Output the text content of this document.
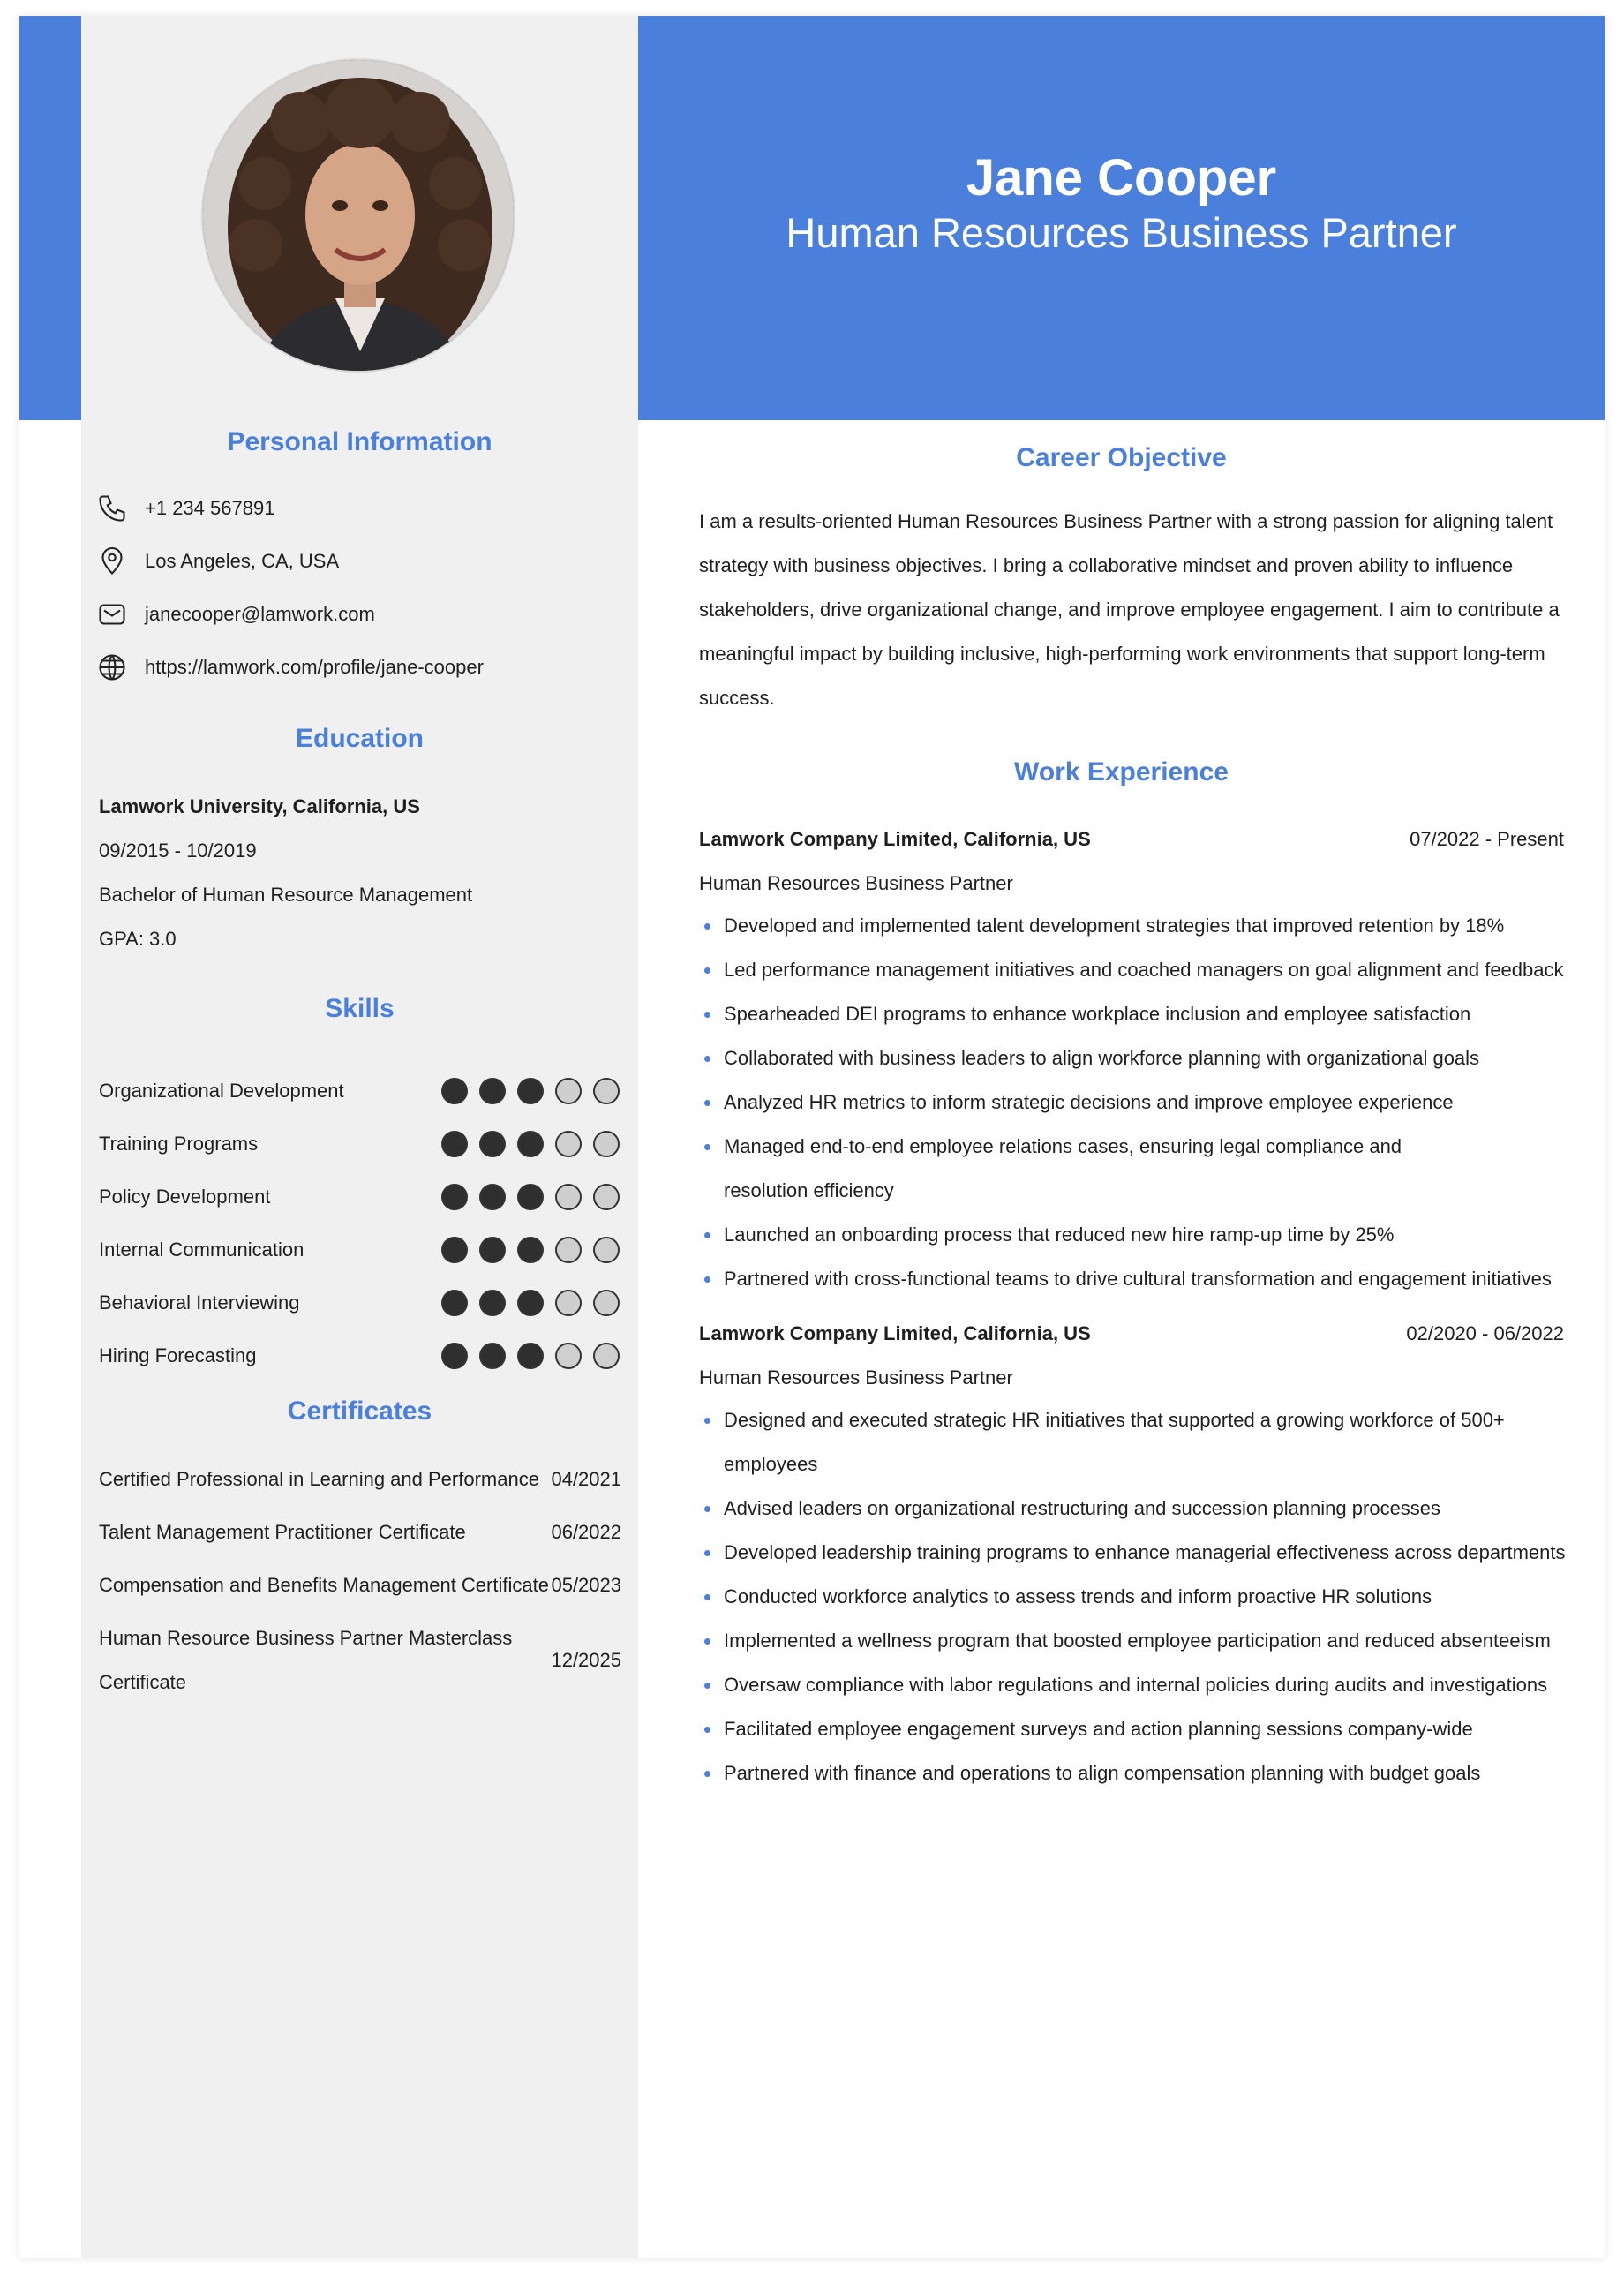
Jane Cooper
Human Resources Business Partner
Personal Information
+1 234 567891
Los Angeles, CA, USA
janecooper@lamwork.com
https://lamwork.com/profile/jane-cooper
Education
Lamwork University, California, US
09/2015 - 10/2019
Bachelor of Human Resource Management
GPA: 3.0
Skills
Organizational Development
Training Programs
Policy Development
Internal Communication
Behavioral Interviewing
Hiring Forecasting
Certificates
Certified Professional in Learning and Performance 04/2021
Talent Management Practitioner Certificate	06/2022
Compensation and Benefits Management Certificate 05/2023
Human Resource Business Partner Masterclass Certificate
12/2025
Career Objective
I am a results-oriented Human Resources Business Partner with a strong passion for aligning talent strategy with business objectives. I bring a collaborative mindset and proven ability to influence stakeholders, drive organizational change, and improve employee engagement. I aim to contribute a meaningful impact by building inclusive, high-performing work environments that support long-term success.
Work Experience
Lamwork Company Limited, California, US	07/2022 - Present
Human Resources Business Partner
Developed and implemented talent development strategies that improved retention by 18%
Led performance management initiatives and coached managers on goal alignment and feedback
Spearheaded DEI programs to enhance workplace inclusion and employee satisfaction
Collaborated with business leaders to align workforce planning with organizational goals
Analyzed HR metrics to inform strategic decisions and improve employee experience
Managed end-to-end employee relations cases, ensuring legal compliance and resolution efficiency
Launched an onboarding process that reduced new hire ramp-up time by 25%
Partnered with cross-functional teams to drive cultural transformation and engagement initiatives
Lamwork Company Limited, California, US	02/2020 - 06/2022
Human Resources Business Partner
Designed and executed strategic HR initiatives that supported a growing workforce of 500+ employees
Advised leaders on organizational restructuring and succession planning processes
Developed leadership training programs to enhance managerial effectiveness across departments
Conducted workforce analytics to assess trends and inform proactive HR solutions
Implemented a wellness program that boosted employee participation and reduced absenteeism
Oversaw compliance with labor regulations and internal policies during audits and investigations
Facilitated employee engagement surveys and action planning sessions company-wide
Partnered with finance and operations to align compensation planning with budget goals
